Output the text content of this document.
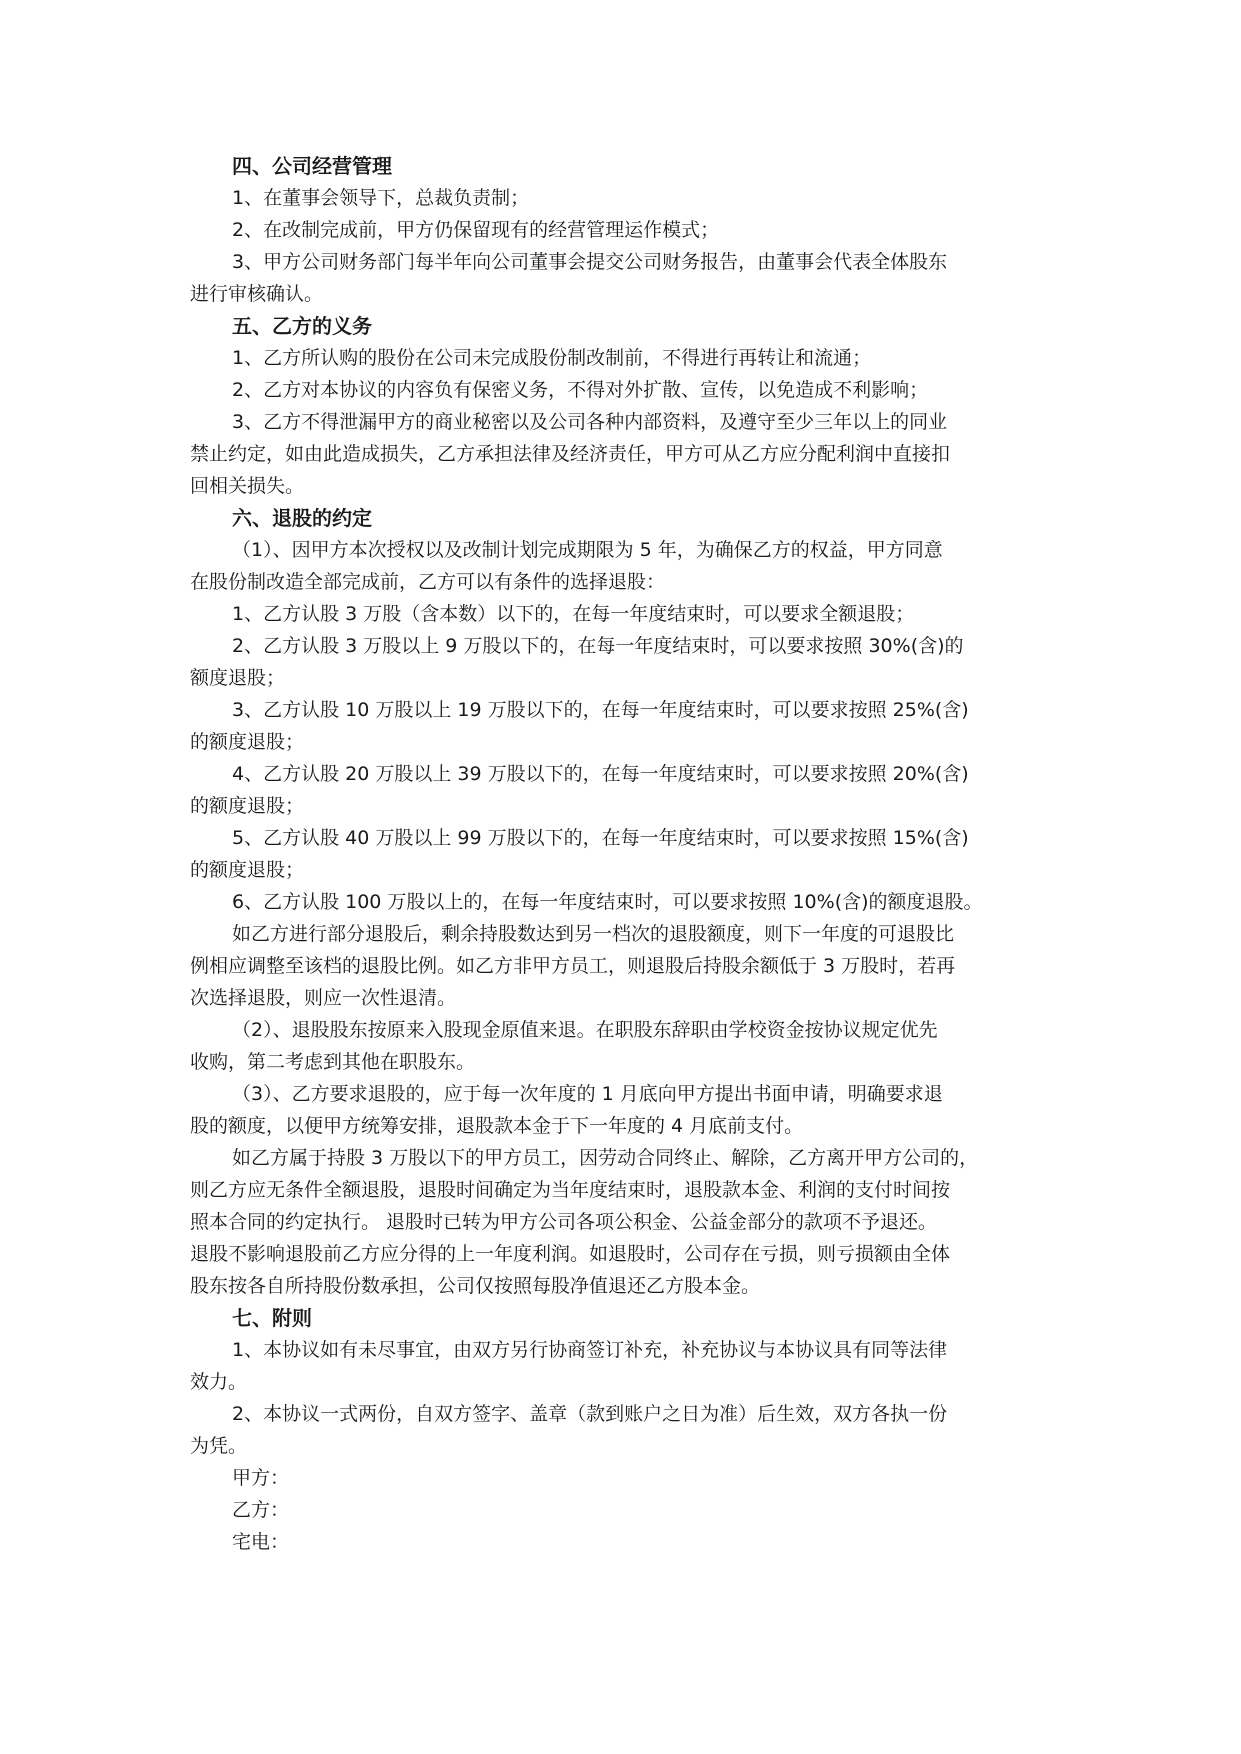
四、公司经营管理

1、在董事会领导下，总裁负责制；

2、在改制完成前，甲方仍保留现有的经营管理运作模式；

3、甲方公司财务部门每半年向公司董事会提交公司财务报告，由董事会代表全体股东
进行审核确认。

五、乙方的义务

1、乙方所认购的股份在公司未完成股份制改制前，不得进行再转让和流通；

2、乙方对本协议的内容负有保密义务，不得对外扩散、宣传，以免造成不利影响；

3、乙方不得泄漏甲方的商业秘密以及公司各种内部资料，及遵守至少三年以上的同业
禁止约定，如由此造成损失，乙方承担法律及经济责任，甲方可从乙方应分配利润中直接扣
回相关损失。

六、退股的约定

（1）、因甲方本次授权以及改制计划完成期限为 5 年，为确保乙方的权益，甲方同意
在股份制改造全部完成前，乙方可以有条件的选择退股：

1、乙方认股 3 万股（含本数）以下的，在每一年度结束时，可以要求全额退股；

2、乙方认股 3 万股以上 9 万股以下的，在每一年度结束时，可以要求按照 30%(含)的
额度退股；

3、乙方认股 10 万股以上 19 万股以下的，在每一年度结束时，可以要求按照 25%(含)
的额度退股；

4、乙方认股 20 万股以上 39 万股以下的，在每一年度结束时，可以要求按照 20%(含)
的额度退股；

5、乙方认股 40 万股以上 99 万股以下的，在每一年度结束时，可以要求按照 15%(含)
的额度退股；

6、乙方认股 100 万股以上的，在每一年度结束时，可以要求按照 10%(含)的额度退股。

如乙方进行部分退股后，剩余持股数达到另一档次的退股额度，则下一年度的可退股比
例相应调整至该档的退股比例。如乙方非甲方员工，则退股后持股余额低于 3 万股时，若再
次选择退股，则应一次性退清。

（2）、退股股东按原来入股现金原值来退。在职股东辞职由学校资金按协议规定优先
收购，第二考虑到其他在职股东。

（3）、乙方要求退股的，应于每一次年度的 1 月底向甲方提出书面申请，明确要求退
股的额度，以便甲方统筹安排，退股款本金于下一年度的 4 月底前支付。

如乙方属于持股 3 万股以下的甲方员工，因劳动合同终止、解除，乙方离开甲方公司的，
则乙方应无条件全额退股，退股时间确定为当年度结束时，退股款本金、利润的支付时间按
照本合同的约定执行。 退股时已转为甲方公司各项公积金、公益金部分的款项不予退还。
退股不影响退股前乙方应分得的上一年度利润。如退股时，公司存在亏损，则亏损额由全体
股东按各自所持股份数承担，公司仅按照每股净值退还乙方股本金。

七、附则

1、本协议如有未尽事宜，由双方另行协商签订补充，补充协议与本协议具有同等法律
效力。

2、本协议一式两份，自双方签字、盖章（款到账户之日为准）后生效，双方各执一份
为凭。

甲方：

乙方：

宅电：
